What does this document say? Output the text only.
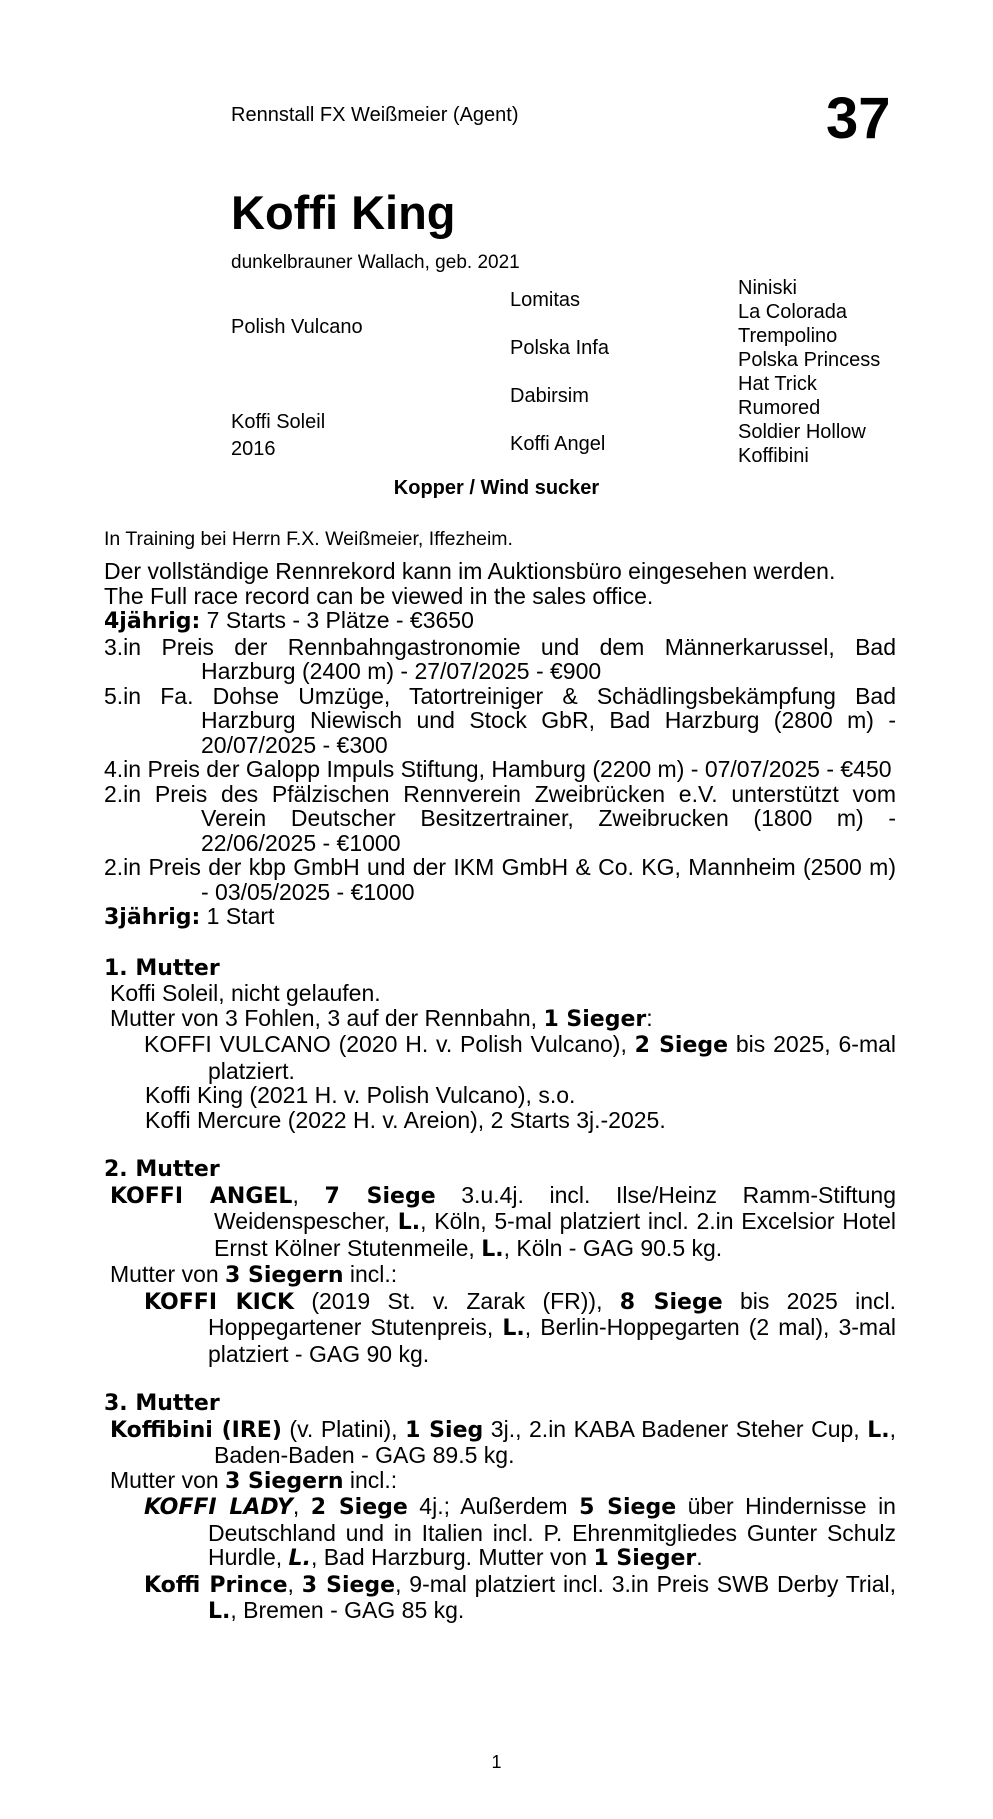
Rennstall FX Weißmeier (Agent)	37
Koffi King
dunkelbrauner Wallach, geb. 2021
Polish Vulcano
Koffi Soleil
2016
Lomitas
Polska Infa
Dabirsim
Koffi Angel
Niniski
La Colorada
Trempolino
Polska Princess
Hat Trick
Rumored
Soldier Hollow
Koffibini
Kopper / Wind sucker
In Training bei Herrn F.X. Weißmeier, Iffezheim.

Der vollständige Rennrekord kann im Auktionsbüro eingesehen werden.

The Full race record can be viewed in the sales office.

4jährig: 7 Starts - 3 Plätze - €3650

3.in Preis der Rennbahngastronomie und dem Männerkarussel, Bad Harzburg (2400 m) - 27/07/2025 - €900

5.in Fa. Dohse Umzüge, Tatortreiniger & Schädlingsbekämpfung Bad Harzburg Niewisch und Stock GbR, Bad Harzburg (2800 m) - 20/07/2025 - €300

4.in Preis der Galopp Impuls Stiftung, Hamburg (2200 m) - 07/07/2025 - €450

2.in Preis des Pfälzischen Rennverein Zweibrücken e.V. unterstützt vom Verein Deutscher Besitzertrainer, Zweibrucken (1800 m) - 22/06/2025 - €1000

2.in Preis der kbp GmbH und der IKM GmbH & Co. KG, Mannheim (2500 m) - 03/05/2025 - €1000

3jährig: 1 Start

1. Mutter

Koffi Soleil, nicht gelaufen.

Mutter von 3 Fohlen, 3 auf der Rennbahn, 1 Sieger:

KOFFI VULCANO (2020 H. v. Polish Vulcano), 2 Siege bis 2025, 6-mal platziert.

Koffi King (2021 H. v. Polish Vulcano), s.o.

Koffi Mercure (2022 H. v. Areion), 2 Starts 3j.-2025.

2. Mutter

KOFFI ANGEL, 7 Siege 3.u.4j. incl. Ilse/Heinz Ramm-Stiftung Weidenspescher, L., Köln, 5-mal platziert incl. 2.in Excelsior Hotel Ernst Kölner Stutenmeile, L., Köln - GAG 90.5 kg.

Mutter von 3 Siegern incl.:

KOFFI KICK (2019 St. v. Zarak (FR)), 8 Siege bis 2025 incl. Hoppegartener Stutenpreis, L., Berlin-Hoppegarten (2 mal), 3-mal platziert - GAG 90 kg.

3. Mutter

Koffibini (IRE) (v. Platini), 1 Sieg 3j., 2.in KABA Badener Steher Cup, L., Baden-Baden - GAG 89.5 kg.

Mutter von 3 Siegern incl.:

KOFFI LADY, 2 Siege 4j.; Außerdem 5 Siege über Hindernisse in Deutschland und in Italien incl. P. Ehrenmitgliedes Gunter Schulz Hurdle, L., Bad Harzburg. Mutter von 1 Sieger.

Koffi Prince, 3 Siege, 9-mal platziert incl. 3.in Preis SWB Derby Trial, L., Bremen - GAG 85 kg.

1
